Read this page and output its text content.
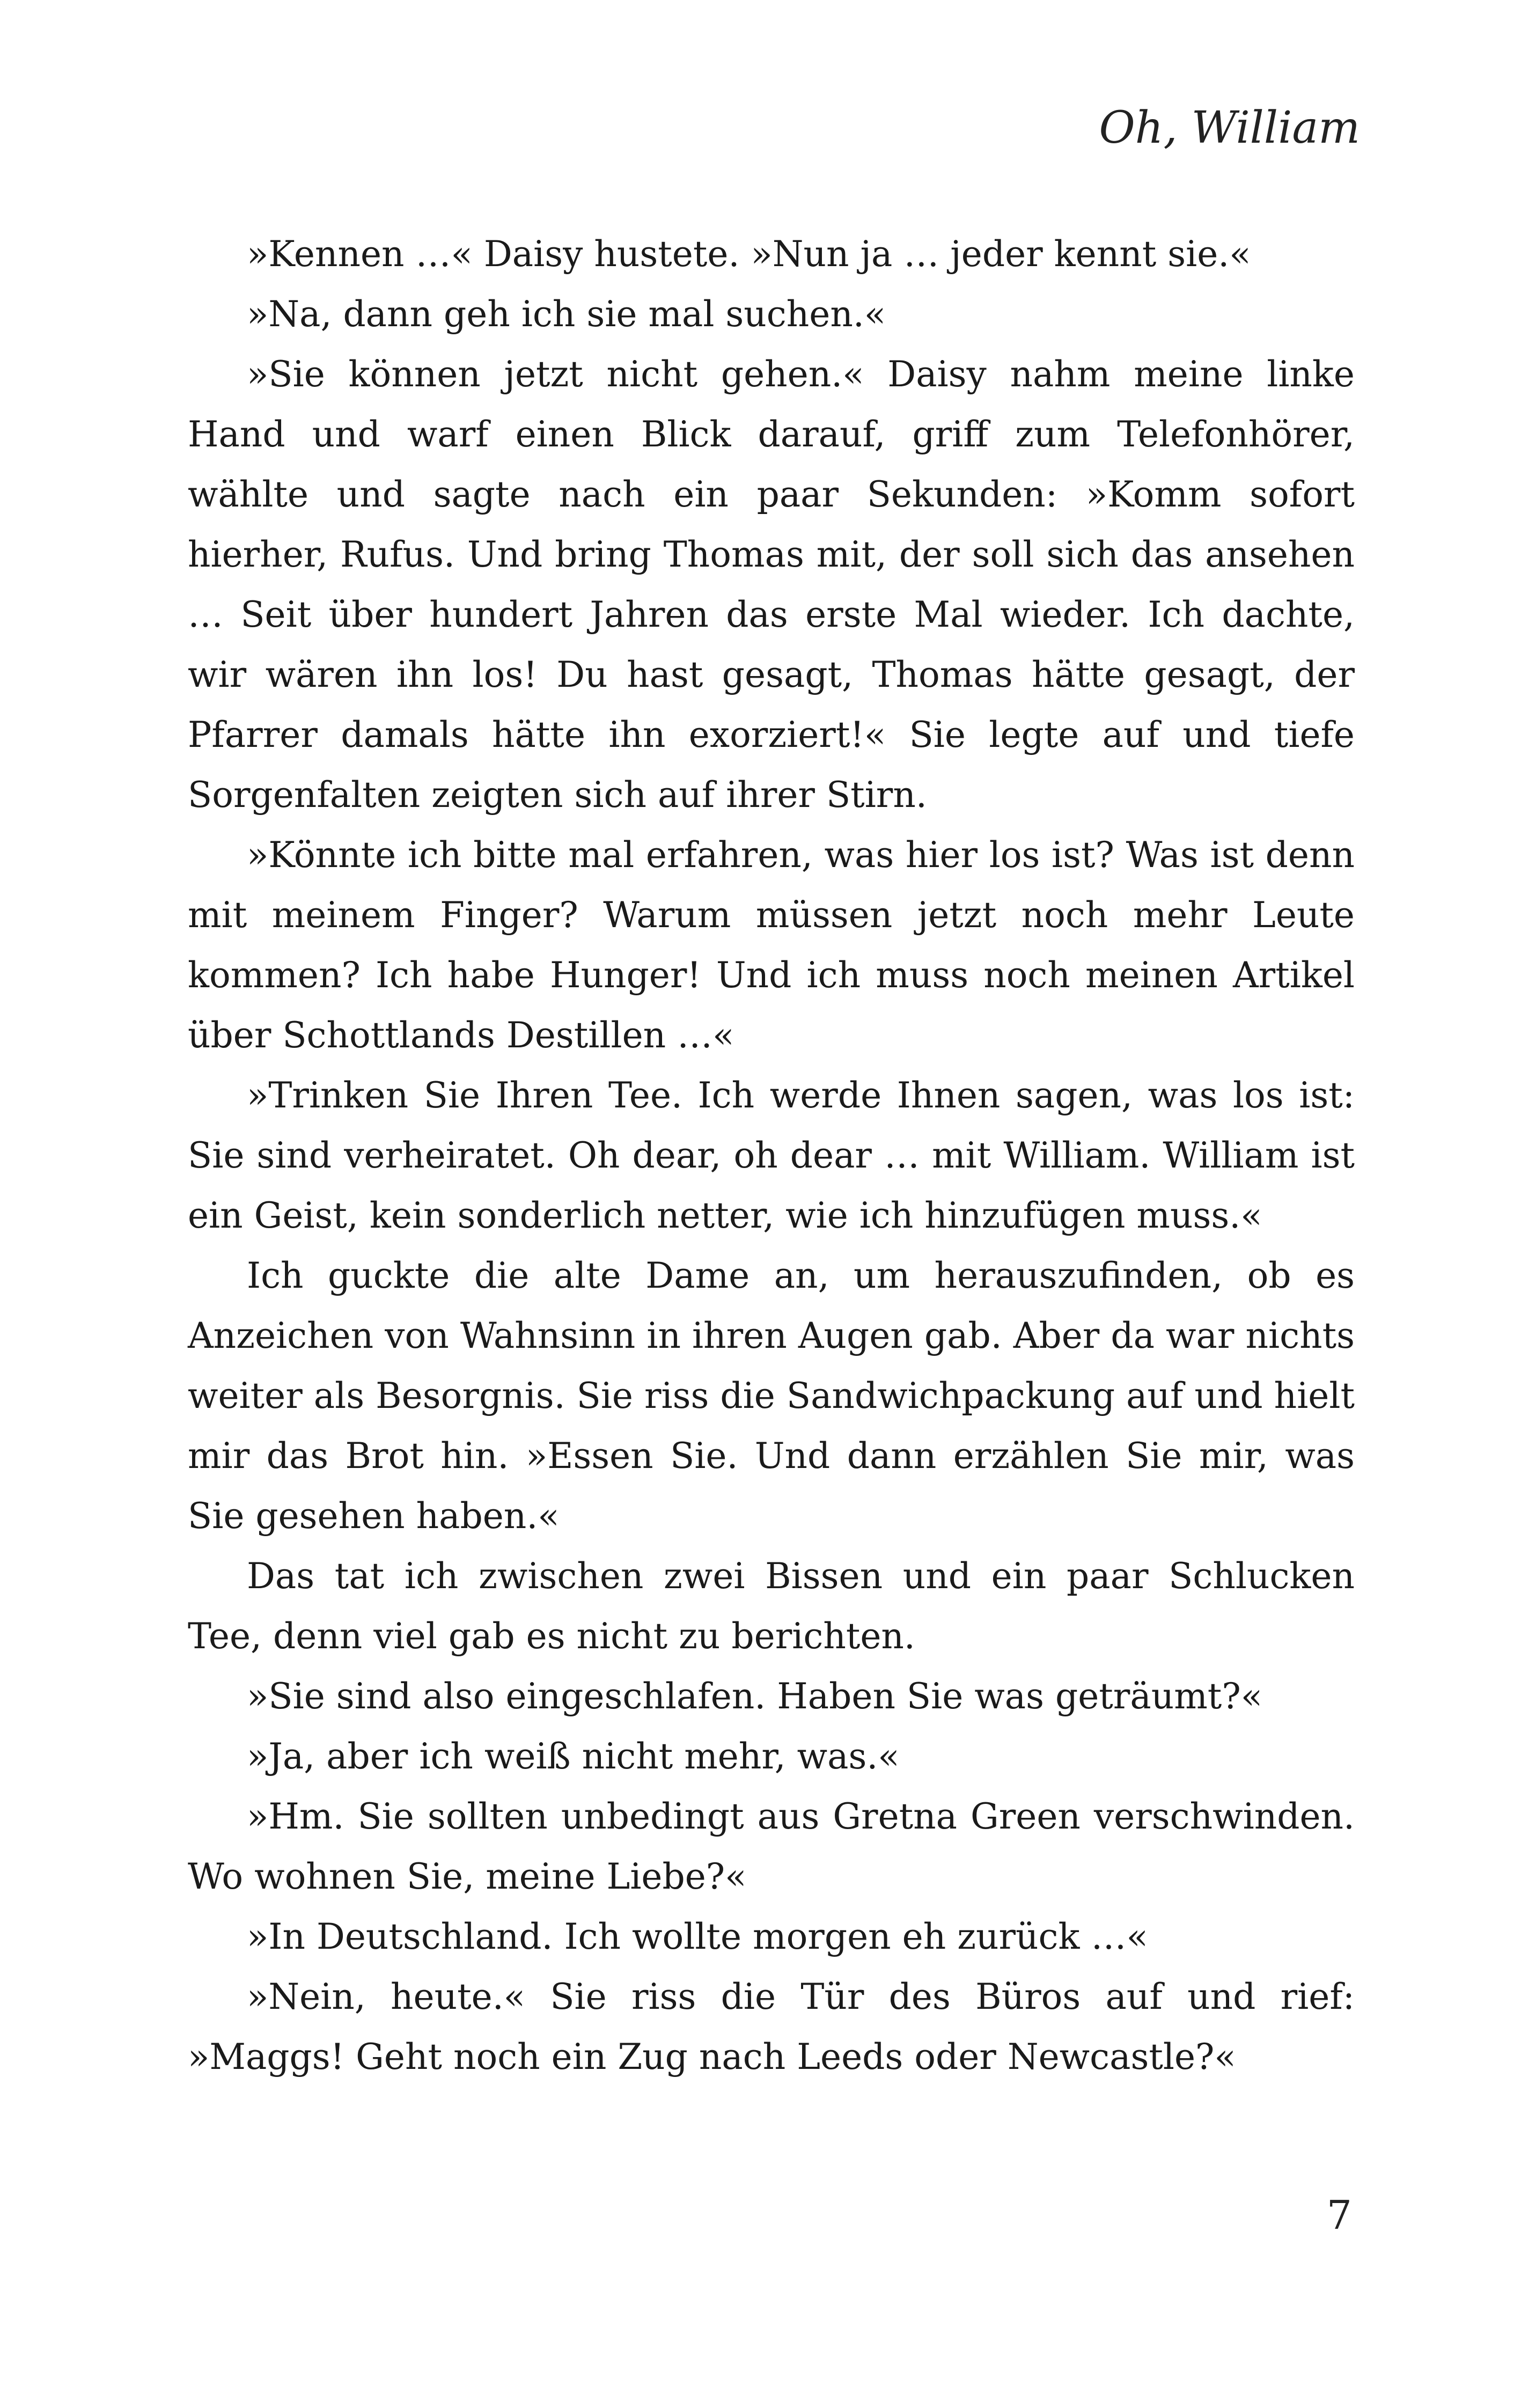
Oh, William

»Kennen …« Daisy hustete. »Nun ja … jeder kennt sie.«

»Na, dann geh ich sie mal suchen.«

»Sie können jetzt nicht gehen.« Daisy nahm meine linke Hand und warf einen Blick darauf, griff zum Telefonhörer, wählte und sagte nach ein paar Sekunden: »Komm sofort hierher, Rufus. Und bring Thomas mit, der soll sich das ansehen … Seit über hundert Jahren das erste Mal wieder. Ich dachte, wir wären ihn los! Du hast gesagt, Thomas hätte gesagt, der Pfarrer damals hätte ihn exorziert!« Sie legte auf und tiefe Sorgenfalten zeigten sich auf ihrer Stirn.

»Könnte ich bitte mal erfahren, was hier los ist? Was ist denn mit meinem Finger? Warum müssen jetzt noch mehr Leute kommen? Ich habe Hunger! Und ich muss noch meinen Artikel über Schottlands Destillen …«

»Trinken Sie Ihren Tee. Ich werde Ihnen sagen, was los ist: Sie sind verheiratet. Oh dear, oh dear … mit William. William ist ein Geist, kein sonderlich netter, wie ich hinzufügen muss.«

Ich guckte die alte Dame an, um herauszufinden, ob es Anzeichen von Wahnsinn in ihren Augen gab. Aber da war nichts weiter als Besorgnis. Sie riss die Sandwichpackung auf und hielt mir das Brot hin. »Essen Sie. Und dann erzählen Sie mir, was Sie gesehen haben.«

Das tat ich zwischen zwei Bissen und ein paar Schlucken Tee, denn viel gab es nicht zu berichten.

»Sie sind also eingeschlafen. Haben Sie was geträumt?«

»Ja, aber ich weiß nicht mehr, was.«

»Hm. Sie sollten unbedingt aus Gretna Green verschwinden. Wo wohnen Sie, meine Liebe?«

»In Deutschland. Ich wollte morgen eh zurück …«

»Nein, heute.« Sie riss die Tür des Büros auf und rief: »Maggs! Geht noch ein Zug nach Leeds oder Newcastle?«

7
